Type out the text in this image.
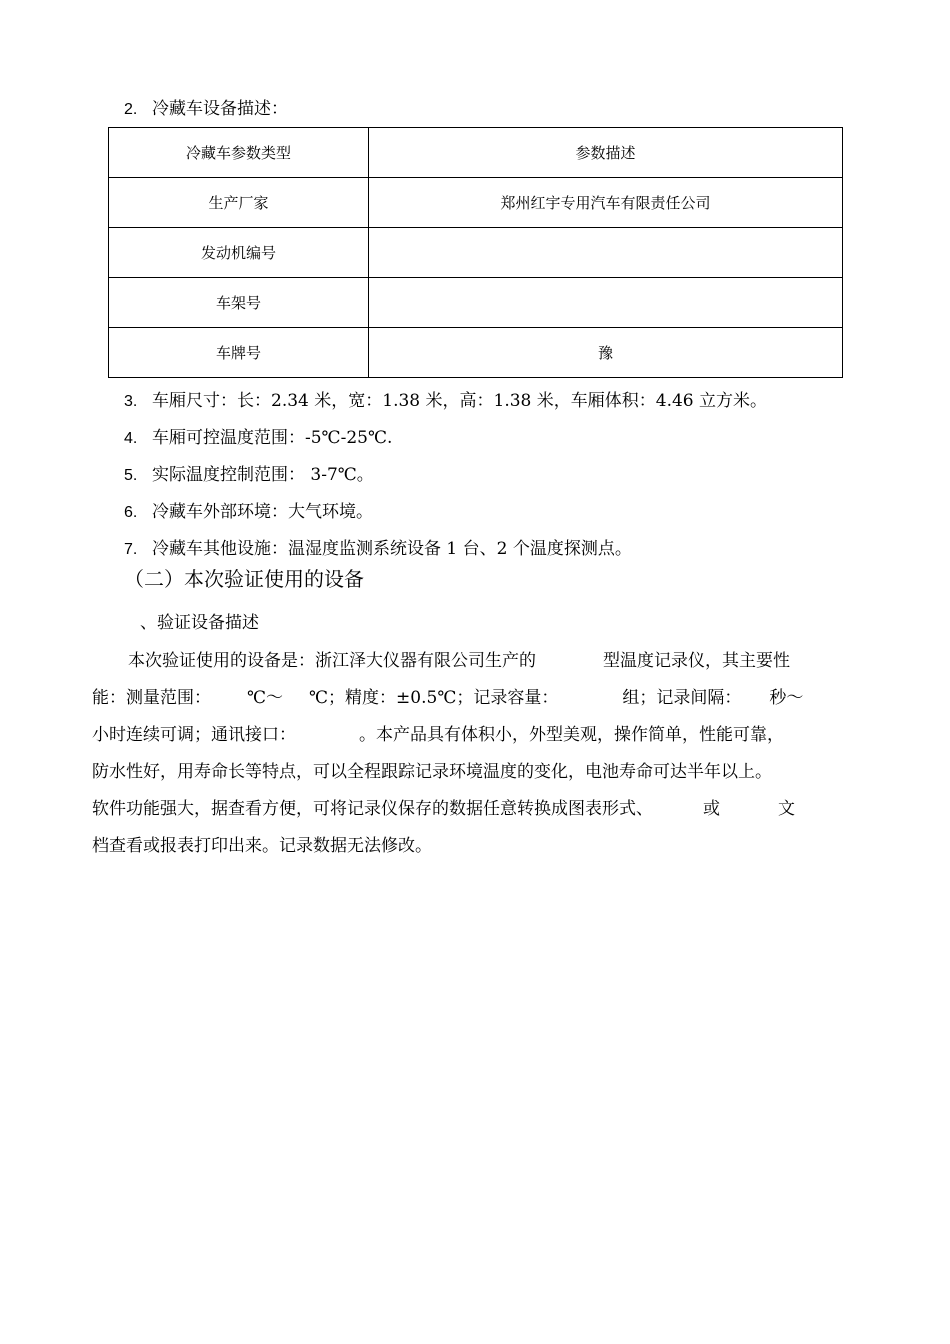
2. 冷藏车设备描述：
冷藏车参数类型	参数描述
生产厂家	郑州红宇专用汽车有限责任公司
发动机编号	
车架号	
车牌号	豫
3. 车厢尺寸：长：2.34 米，宽：1.38 米，高：1.38 米，车厢体积：4.46 立方米。
4. 车厢可控温度范围：-5℃-25℃.
5. 实际温度控制范围： 3-7℃。
6. 冷藏车外部环境：大气环境。
7. 冷藏车其他设施：温湿度监测系统设备 1 台、2 个温度探测点。
（二）本次验证使用的设备
、验证设备描述
本次验证使用的设备是：浙江泽大仪器有限公司生产的	型温度记录仪，其主要性
能：测量范围： ℃～ ℃；精度：±0.5℃；记录容量：	组；记录间隔： 秒～
小时连续可调；通讯接口：	。本产品具有体积小，外型美观，操作简单，性能可靠，
防水性好，用寿命长等特点，可以全程跟踪记录环境温度的变化，电池寿命可达半年以上。
软件功能强大，据查看方便，可将记录仪保存的数据任意转换成图表形式、	或	文
档查看或报表打印出来。记录数据无法修改。
